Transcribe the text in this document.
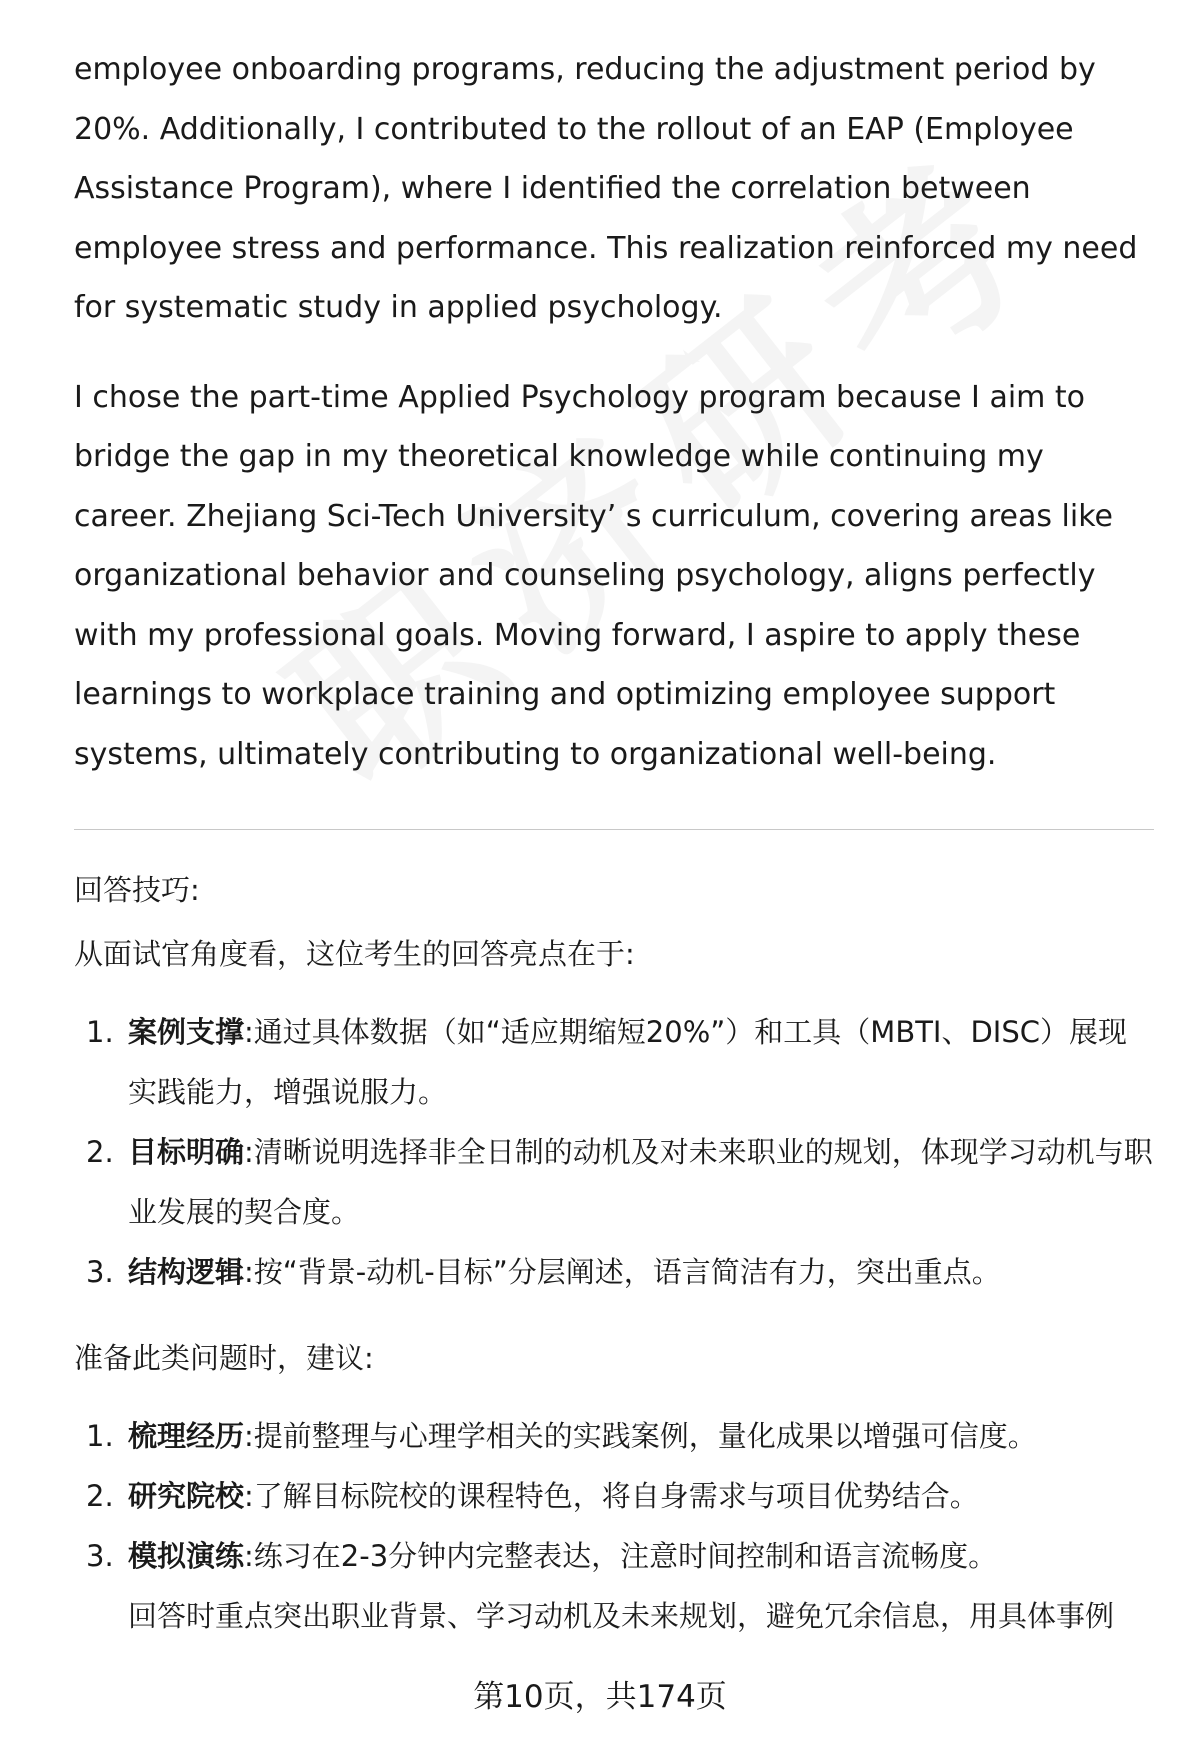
employee onboarding programs, reducing the adjustment period by 20%. Additionally, I contributed to the rollout of an EAP (Employee Assistance Program), where I identified the correlation between employee stress and performance. This realization reinforced my need for systematic study in applied psychology.

I chose the part-time Applied Psychology program because I aim to bridge the gap in my theoretical knowledge while continuing my career. Zhejiang Sci-Tech University’ s curriculum, covering areas like organizational behavior and counseling psychology, aligns perfectly with my professional goals. Moving forward, I aspire to apply these learnings to workplace training and optimizing employee support systems, ultimately contributing to organizational well-being.

回答技巧:

从面试官角度看，这位考生的回答亮点在于:

1. 案例支撑:通过具体数据（如“适应期缩短20%”）和工具（MBTI、DISC）展现实践能力，增强说服力。
2. 目标明确:清晰说明选择非全日制的动机及对未来职业的规划，体现学习动机与职业发展的契合度。
3. 结构逻辑:按“背景-动机-目标”分层阐述，语言简洁有力，突出重点。

准备此类问题时，建议:

1. 梳理经历:提前整理与心理学相关的实践案例，量化成果以增强可信度。
2. 研究院校:了解目标院校的课程特色，将自身需求与项目优势结合。
3. 模拟演练:练习在2-3分钟内完整表达，注意时间控制和语言流畅度。

回答时重点突出职业背景、学习动机及未来规划，避免冗余信息，用具体事例

第10页，共174页
